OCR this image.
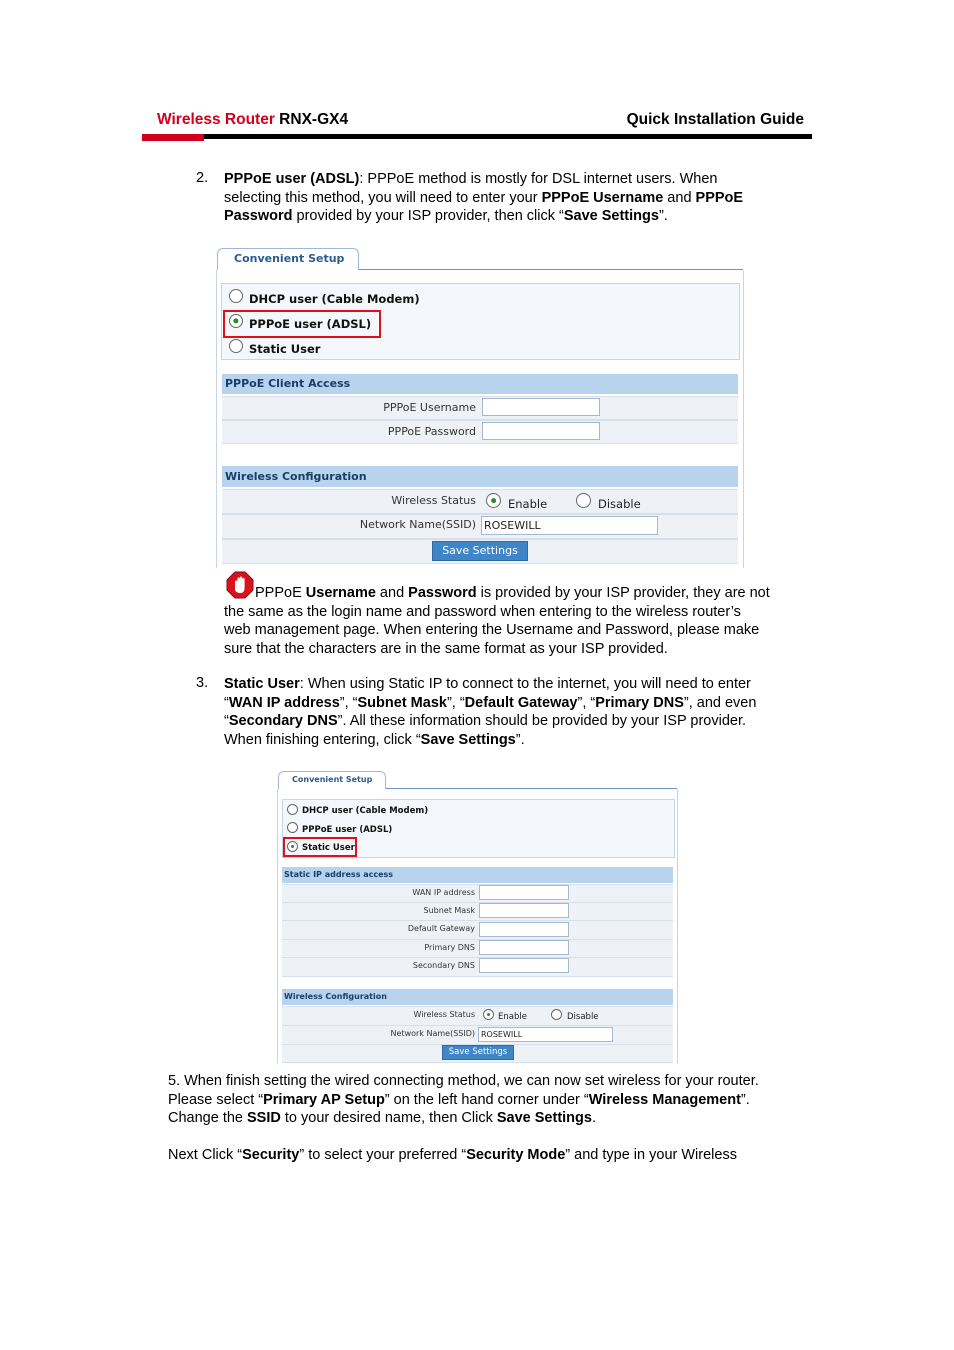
Wireless Router RNX-GX4	Quick Installation Guide
2. PPPoE user (ADSL): PPPoE method is mostly for DSL internet users. When
selecting this method, you will need to enter your PPPoE Username and PPPoE
Password provided by your ISP provider, then click “Save Settings”.
Convenient Setup
DHCP user (Cable Modem)
PPPoE user (ADSL)
Static User
PPPoE Client Access
PPPoE Username
PPPoE Password
Wireless Configuration
Wireless Status	Enable	Disable
Network Name(SSID) ROSEWILL
Save Settings
PPPoE Username and Password is provided by your ISP provider, they are not
the same as the login name and password when entering to the wireless router’s
web management page. When entering the Username and Password, please make
sure that the characters are in the same format as your ISP provided.
3. Static User: When using Static IP to connect to the internet, you will need to enter
“WAN IP address”, “Subnet Mask”, “Default Gateway”, “Primary DNS”, and even
“Secondary DNS”. All these information should be provided by your ISP provider.
When finishing entering, click “Save Settings”.
Convenient Setup
DHCP user (Cable Modem)
PPPoE user (ADSL)
Static User
Static IP address access
WAN IP address
Subnet Mask
Default Gateway
Primary DNS
Secondary DNS
Wireless Configuration
Wireless Status	Enable	Disable
Network Name(SSID) ROSEWILL
Save Settings
5. When finish setting the wired connecting method, we can now set wireless for your router.
Please select “Primary AP Setup” on the left hand corner under “Wireless Management”.
Change the SSID to your desired name, then Click Save Settings.
Next Click “Security” to select your preferred “Security Mode” and type in your Wireless
